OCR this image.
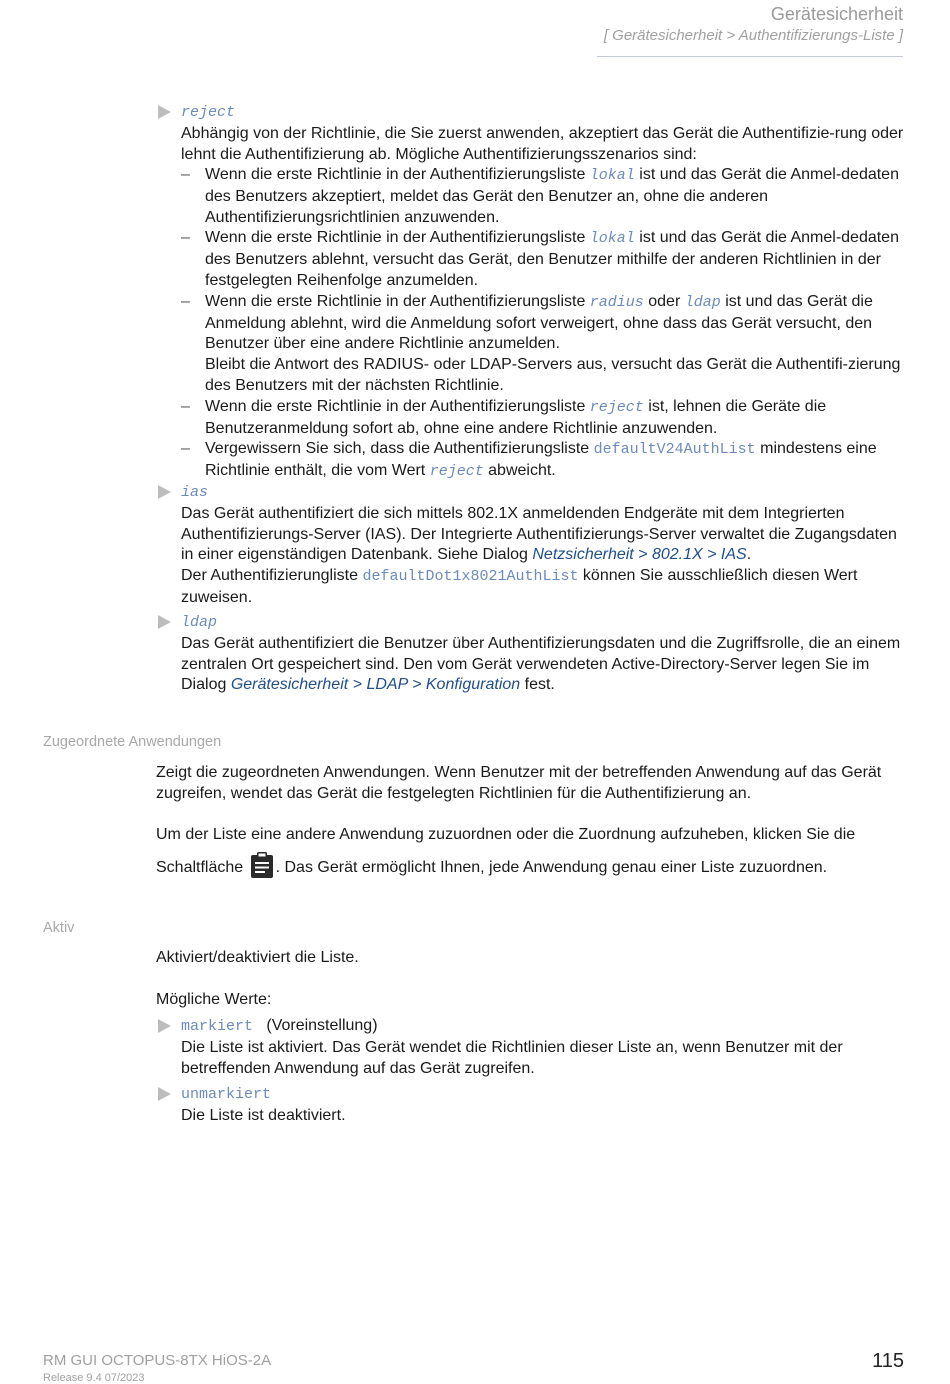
Gerätesicherheit
[ Gerätesicherheit > Authentifizierungs-Liste ]
reject
Abhängig von der Richtlinie, die Sie zuerst anwenden, akzeptiert das Gerät die Authentifizie-rung oder lehnt die Authentifizierung ab. Mögliche Authentifizierungsszenarios sind:
– Wenn die erste Richtlinie in der Authentifizierungsliste lokal ist und das Gerät die Anmel-dedaten des Benutzers akzeptiert, meldet das Gerät den Benutzer an, ohne die anderen Authentifizierungsrichtlinien anzuwenden.
– Wenn die erste Richtlinie in der Authentifizierungsliste lokal ist und das Gerät die Anmel-dedaten des Benutzers ablehnt, versucht das Gerät, den Benutzer mithilfe der anderen Richtlinien in der festgelegten Reihenfolge anzumelden.
– Wenn die erste Richtlinie in der Authentifizierungsliste radius oder ldap ist und das Gerät die Anmeldung ablehnt, wird die Anmeldung sofort verweigert, ohne dass das Gerät versucht, den Benutzer über eine andere Richtlinie anzumelden.
Bleibt die Antwort des RADIUS- oder LDAP-Servers aus, versucht das Gerät die Authentifi-zierung des Benutzers mit der nächsten Richtlinie.
– Wenn die erste Richtlinie in der Authentifizierungsliste reject ist, lehnen die Geräte die Benutzeranmeldung sofort ab, ohne eine andere Richtlinie anzuwenden.
– Vergewissern Sie sich, dass die Authentifizierungsliste defaultV24AuthList mindestens eine Richtlinie enthält, die vom Wert reject abweicht.
ias
Das Gerät authentifiziert die sich mittels 802.1X anmeldenden Endgeräte mit dem Integrierten Authentifizierungs-Server (IAS). Der Integrierte Authentifizierungs-Server verwaltet die Zugangsdaten in einer eigenständigen Datenbank. Siehe Dialog Netzsicherheit > 802.1X > IAS.
Der Authentifizierungliste defaultDot1x8021AuthList können Sie ausschließlich diesen Wert zuweisen.
ldap
Das Gerät authentifiziert die Benutzer über Authentifizierungsdaten und die Zugriffsrolle, die an einem zentralen Ort gespeichert sind. Den vom Gerät verwendeten Active-Directory-Server legen Sie im Dialog Gerätesicherheit > LDAP > Konfiguration fest.
Zugeordnete Anwendungen
Zeigt die zugeordneten Anwendungen. Wenn Benutzer mit der betreffenden Anwendung auf das Gerät zugreifen, wendet das Gerät die festgelegten Richtlinien für die Authentifizierung an.
Um der Liste eine andere Anwendung zuzuordnen oder die Zuordnung aufzuheben, klicken Sie die
Schaltfläche . Das Gerät ermöglicht Ihnen, jede Anwendung genau einer Liste zuzuordnen.
Aktiv
Aktiviert/deaktiviert die Liste.
Mögliche Werte:
markiert (Voreinstellung)
Die Liste ist aktiviert. Das Gerät wendet die Richtlinien dieser Liste an, wenn Benutzer mit der betreffenden Anwendung auf das Gerät zugreifen.
unmarkiert
Die Liste ist deaktiviert.
RM GUI OCTOPUS-8TX HiOS-2A
Release 9.4 07/2023
115
